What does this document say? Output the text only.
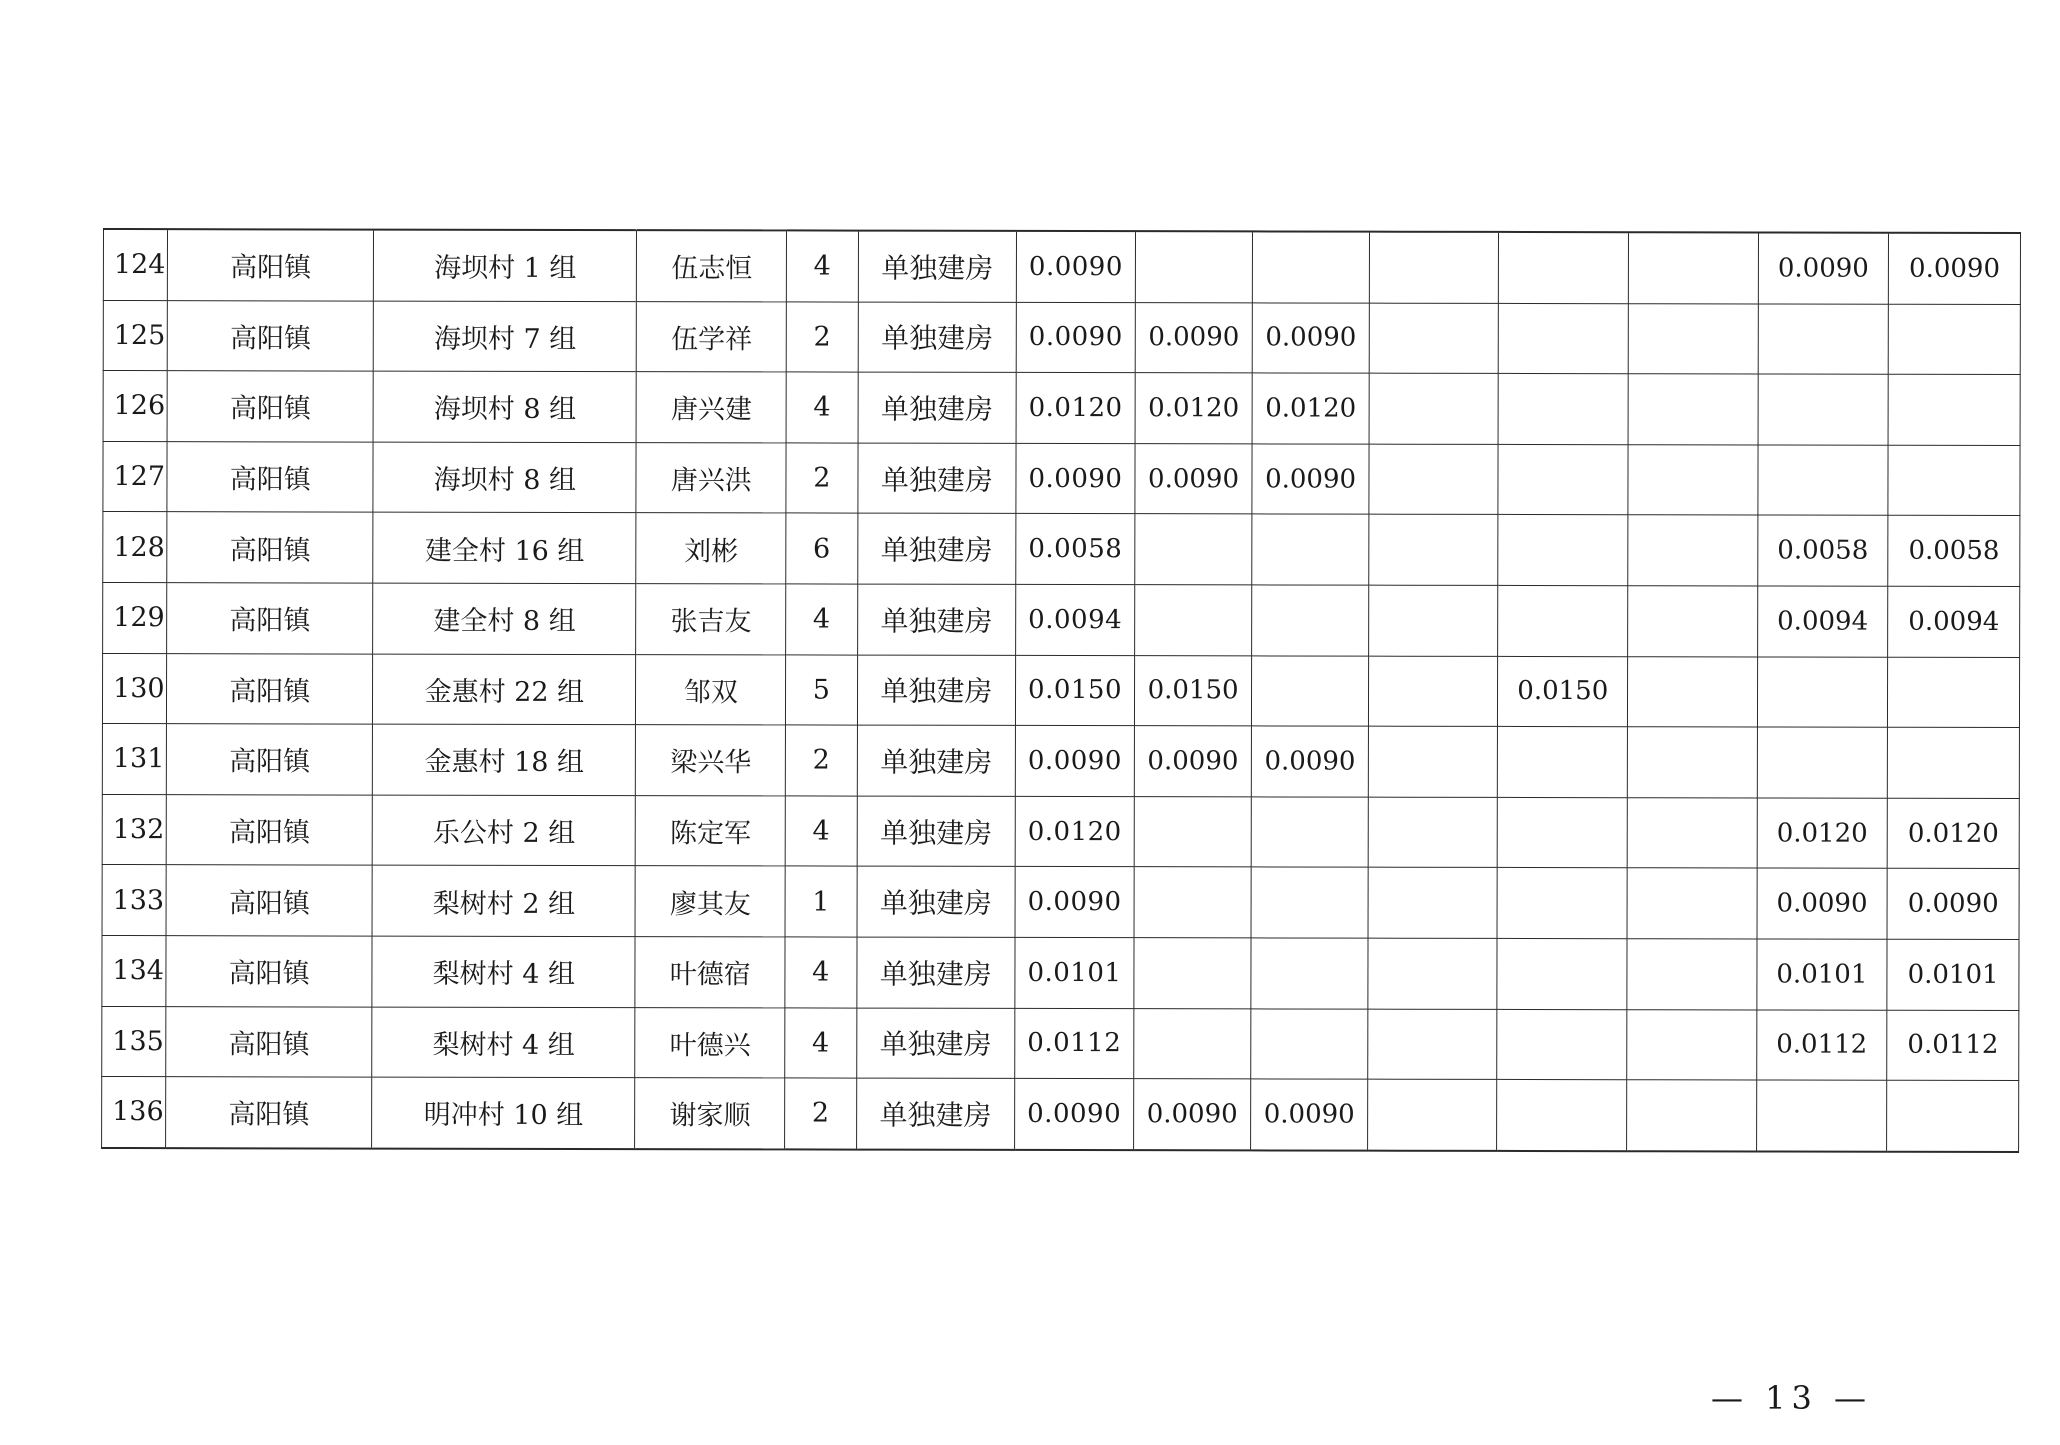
124	高阳镇	海坝村 1 组	伍志恒	4	单独建房	0.0090						0.0090	0.0090
125	高阳镇	海坝村 7 组	伍学祥	2	单独建房	0.0090	0.0090	0.0090					
126	高阳镇	海坝村 8 组	唐兴建	4	单独建房	0.0120	0.0120	0.0120					
127	高阳镇	海坝村 8 组	唐兴洪	2	单独建房	0.0090	0.0090	0.0090					
128	高阳镇	建全村 16 组	刘彬	6	单独建房	0.0058						0.0058	0.0058
129	高阳镇	建全村 8 组	张吉友	4	单独建房	0.0094						0.0094	0.0094
130	高阳镇	金惠村 22 组	邹双	5	单独建房	0.0150	0.0150			0.0150			
131	高阳镇	金惠村 18 组	梁兴华	2	单独建房	0.0090	0.0090	0.0090					
132	高阳镇	乐公村 2 组	陈定军	4	单独建房	0.0120						0.0120	0.0120
133	高阳镇	梨树村 2 组	廖其友	1	单独建房	0.0090						0.0090	0.0090
134	高阳镇	梨树村 4 组	叶德宿	4	单独建房	0.0101						0.0101	0.0101
135	高阳镇	梨树村 4 组	叶德兴	4	单独建房	0.0112						0.0112	0.0112
136	高阳镇	明冲村 10 组	谢家顺	2	单独建房	0.0090	0.0090	0.0090					
— 13 —
